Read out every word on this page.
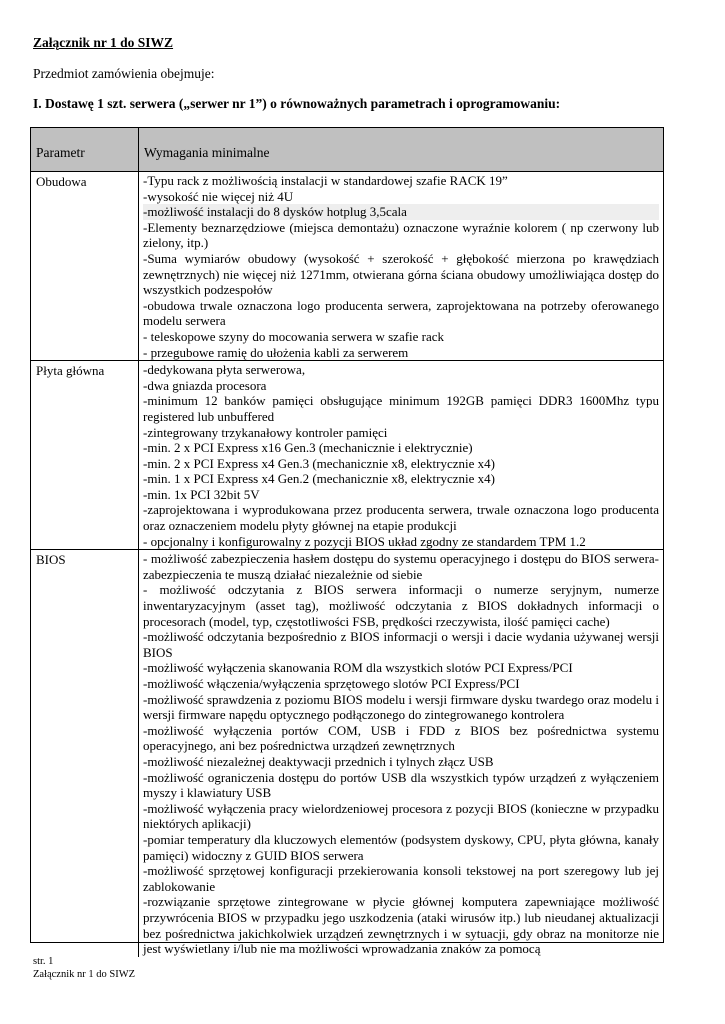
Załącznik nr 1 do SIWZ

Przedmiot zamówienia obejmuje:

I. Dostawę 1 szt. serwera („serwer nr 1”) o równoważnych parametrach i oprogramowaniu:

Parametr	Wymagania minimalne
Obudowa	-Typu rack z możliwością instalacji w standardowej szafie RACK 19”

-wysokość nie więcej niż 4U

-możliwość instalacji do 8 dysków hotplug 3,5cala

-Elementy beznarzędziowe (miejsca demontażu) oznaczone wyraźnie kolorem ( np czerwony lub zielony, itp.)

-Suma wymiarów obudowy (wysokość + szerokość + głębokość mierzona po krawędziach zewnętrznych) nie więcej niż 1271mm, otwierana górna ściana obudowy umożliwiająca dostęp do wszystkich podzespołów

-obudowa trwale oznaczona logo producenta serwera, zaprojektowana na potrzeby oferowanego modelu serwera

- teleskopowe szyny do mocowania serwera w szafie rack

- przegubowe ramię do ułożenia kabli za serwerem

Płyta główna	-dedykowana płyta serwerowa,

-dwa gniazda procesora

-minimum 12 banków pamięci obsługujące minimum 192GB pamięci DDR3 1600Mhz typu registered lub unbuffered

-zintegrowany trzykanałowy kontroler pamięci

-min. 2 x PCI Express x16 Gen.3 (mechanicznie i elektrycznie)

-min. 2 x PCI Express x4 Gen.3 (mechanicznie x8, elektrycznie x4)

-min. 1 x PCI Express x4 Gen.2 (mechanicznie x8, elektrycznie x4)

-min. 1x PCI 32bit 5V

-zaprojektowana i wyprodukowana przez producenta serwera, trwale oznaczona logo producenta oraz oznaczeniem modelu płyty głównej na etapie produkcji

- opcjonalny i konfigurowalny z pozycji BIOS układ zgodny ze standardem TPM 1.2

BIOS	- możliwość zabezpieczenia hasłem dostępu do systemu operacyjnego i dostępu do BIOS serwera- zabezpieczenia te muszą działać niezależnie od siebie

- możliwość odczytania z BIOS serwera informacji o numerze seryjnym, numerze inwentaryzacyjnym (asset tag), możliwość odczytania z BIOS dokładnych informacji o procesorach (model, typ, częstotliwości FSB, prędkości rzeczywista, ilość pamięci cache)

-możliwość odczytania bezpośrednio z BIOS informacji o wersji i dacie wydania używanej wersji BIOS

-możliwość wyłączenia skanowania ROM dla wszystkich slotów PCI Express/PCI

-możliwość włączenia/wyłączenia sprzętowego slotów PCI Express/PCI

-możliwość sprawdzenia z poziomu BIOS modelu i wersji firmware dysku twardego oraz modelu i wersji firmware napędu optycznego podłączonego do zintegrowanego kontrolera

-możliwość wyłączenia portów COM, USB i FDD z BIOS bez pośrednictwa systemu operacyjnego, ani bez pośrednictwa urządzeń zewnętrznych

-możliwość niezależnej deaktywacji przednich i tylnych złącz USB

-możliwość ograniczenia dostępu do portów USB dla wszystkich typów urządzeń z wyłączeniem myszy i klawiatury USB

-możliwość wyłączenia pracy wielordzeniowej procesora z pozycji BIOS (konieczne w przypadku niektórych aplikacji)

-pomiar temperatury dla kluczowych elementów (podsystem dyskowy, CPU, płyta główna, kanały pamięci) widoczny z GUID BIOS serwera

-możliwość sprzętowej konfiguracji przekierowania konsoli tekstowej na port szeregowy lub jej zablokowanie

-rozwiązanie sprzętowe zintegrowane w płycie głównej komputera zapewniające możliwość przywrócenia BIOS w przypadku jego uszkodzenia (ataki wirusów itp.) lub nieudanej aktualizacji bez pośrednictwa jakichkolwiek urządzeń zewnętrznych i w sytuacji, gdy obraz na monitorze nie jest wyświetlany i/lub nie ma możliwości wprowadzania znaków za pomocą

str. 1
Załącznik nr 1 do SIWZ
